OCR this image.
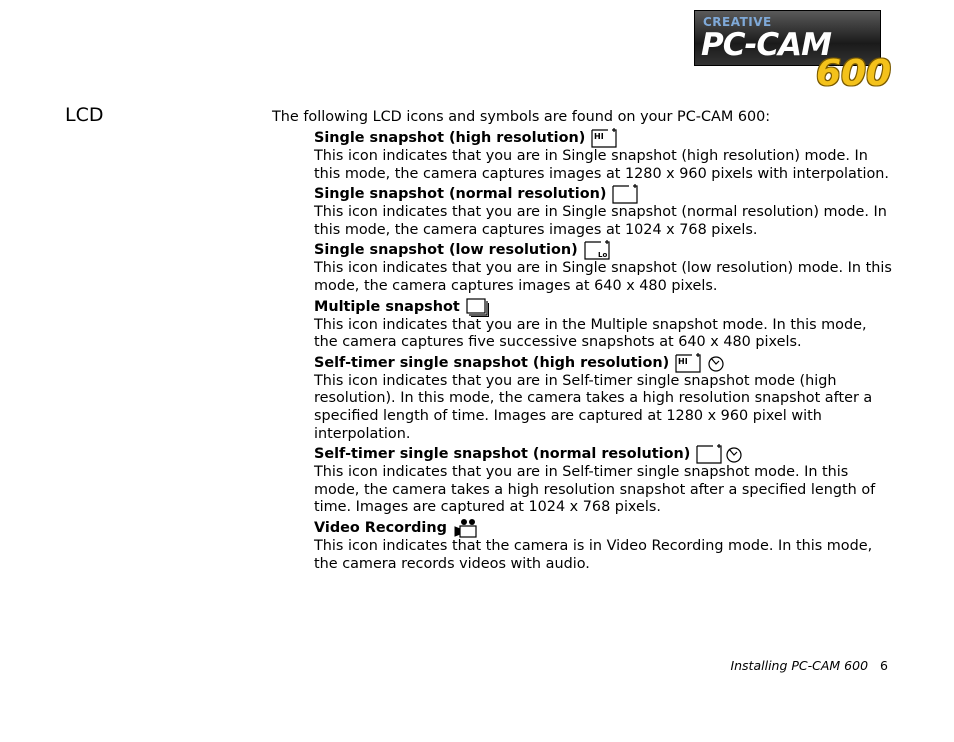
CREATIVE
PC-CAM
600
LCD	The following LCD icons and symbols are found on your PC-CAM 600:
Single snapshot (high resolution) HI

This icon indicates that you are in Single snapshot (high resolution) mode. In this mode, the camera captures images at 1280 x 960 pixels with interpolation.

Single snapshot (normal resolution)

This icon indicates that you are in Single snapshot (normal resolution) mode. In this mode, the camera captures images at 1024 x 768 pixels.

Single snapshot (low resolution)	Lo

This icon indicates that you are in Single snapshot (low resolution) mode. In this mode, the camera captures images at 640 x 480 pixels.

Multiple snapshot

This icon indicates that you are in the Multiple snapshot mode. In this mode, the camera captures five successive snapshots at 640 x 480 pixels.

Self-timer single snapshot (high resolution) HI

This icon indicates that you are in Self-timer single snapshot mode (high resolution). In this mode, the camera takes a high resolution snapshot after a specified length of time. Images are captured at 1280 x 960 pixel with interpolation.

Self-timer single snapshot (normal resolution)

This icon indicates that you are in Self-timer single snapshot mode. In this mode, the camera takes a high resolution snapshot after a specified length of time. Images are captured at 1024 x 768 pixels.

Video Recording

This icon indicates that the camera is in Video Recording mode. In this mode, the camera records videos with audio.

Installing PC-CAM 600 6
